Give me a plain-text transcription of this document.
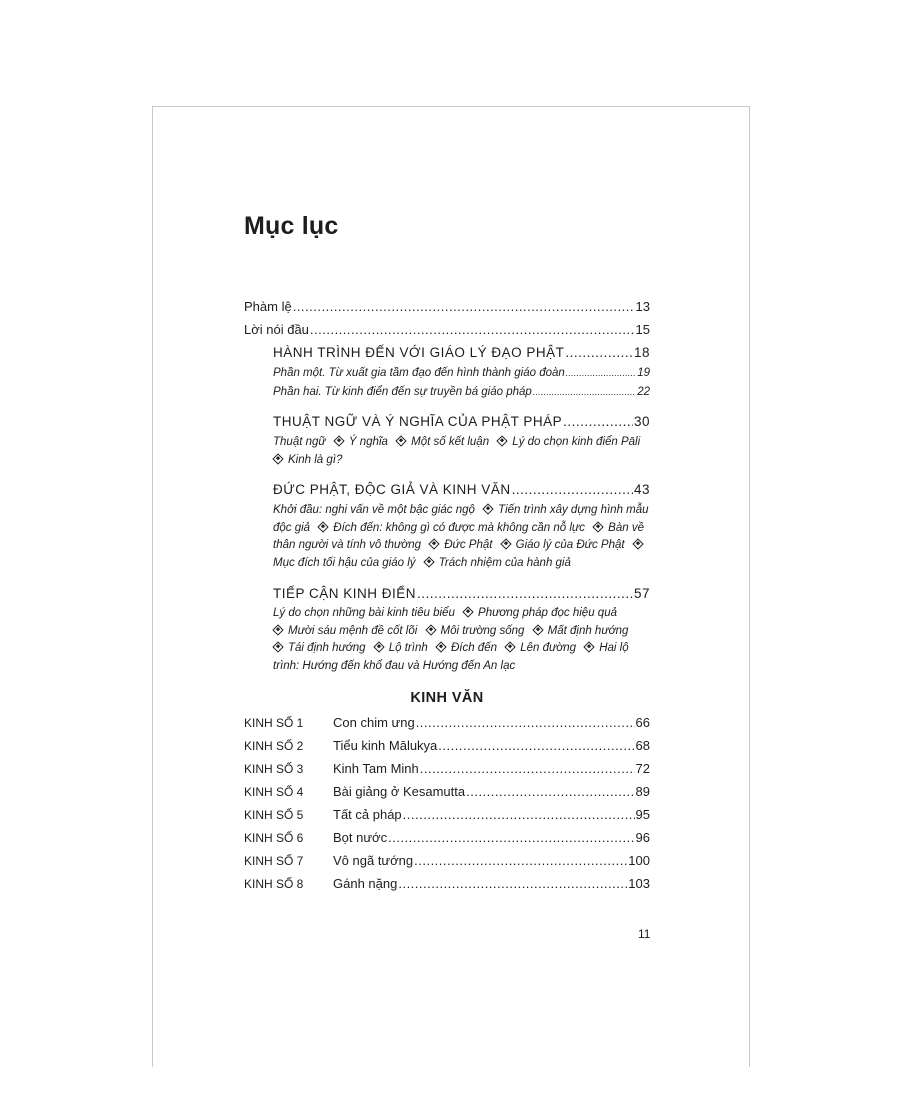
Mục lục
Phàm lệ .....	13
Lời nói đầu .....	15
HÀNH TRÌNH ĐẾN VỚI GIÁO LÝ ĐẠO PHẬT .....	18
Phần một. Từ xuất gia tầm đạo đến hình thành giáo đoàn .....	19
Phần hai. Từ kinh điển đến sự truyền bá giáo pháp .....	22
THUẬT NGỮ VÀ Ý NGHĨA CỦA PHẬT PHÁP .....	30
Thuật ngữ Ý nghĩa Một số kết luận Lý do chọn kinh điển Pāli
Kinh là gì?
ĐỨC PHẬT, ĐỘC GIẢ VÀ KINH VĂN .....	43
Khởi đầu: nghi vấn về một bậc giác ngộ Tiến trình xây dựng hình mẫu độc giả Đích đến: không gì có được mà không cần nỗ lực Bàn về thân người và tính vô thường Đức Phật Giáo lý của Đức Phật Mục đích tối hậu của giáo lý Trách nhiệm của hành giả
TIẾP CẬN KINH ĐIỂN .....	57
Lý do chọn những bài kinh tiêu biểu Phương pháp đọc hiệu quả
Mười sáu mệnh đề cốt lõi Môi trường sống Mất định hướng
Tái định hướng Lộ trình Đích đến Lên đường Hai lộ trình: Hướng đến khổ đau và Hướng đến An lạc
KINH VĂN
KINH SỐ 1	Con chim ưng .....	66
KINH SỐ 2	Tiểu kinh Mālukya .....	68
KINH SỐ 3	Kinh Tam Minh .....	72
KINH SỐ 4	Bài giảng ở Kesamutta .....	89
KINH SỐ 5	Tất cả pháp .....	95
KINH SỐ 6	Bọt nước .....	96
KINH SỐ 7	Vô ngã tướng .....	100
KINH SỐ 8	Gánh nặng .....	103
11
